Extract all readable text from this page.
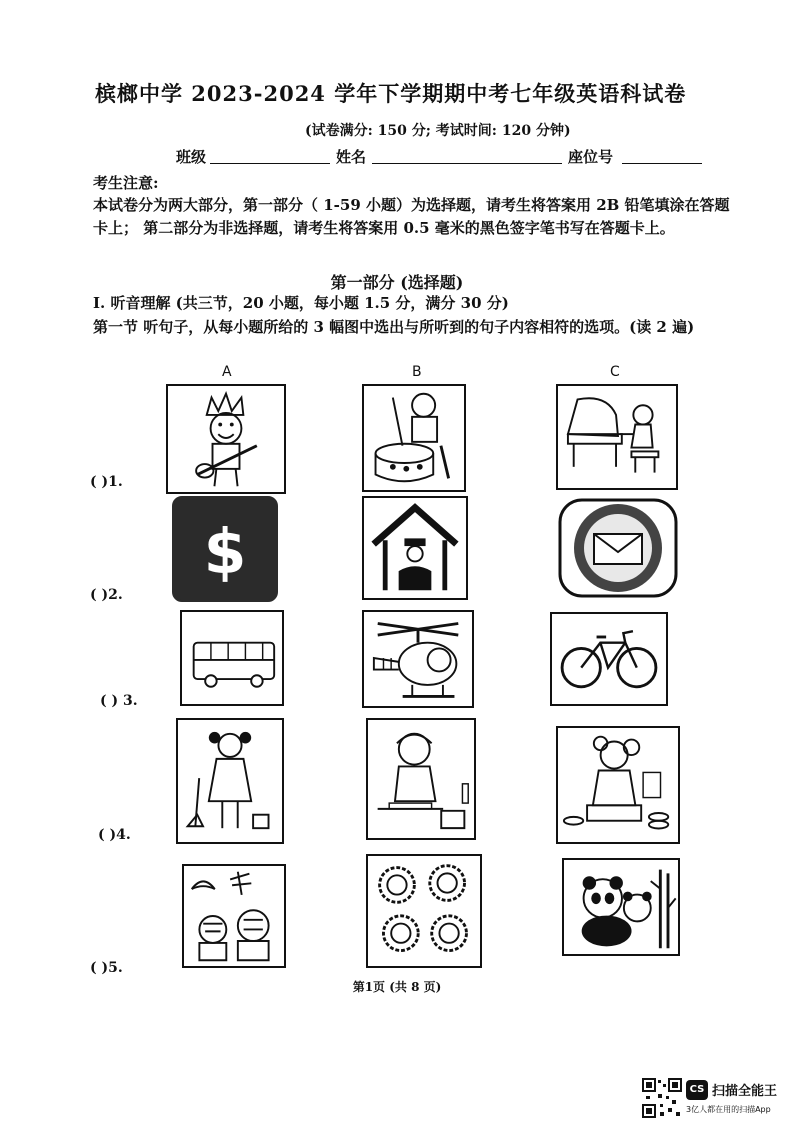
槟榔中学 2023-2024 学年下学期期中考七年级英语科试卷
(试卷满分: 150 分; 考试时间: 120 分钟)
班级	姓名	座位号
考生注意:
本试卷分为两大部分，第一部分（ 1-59 小题）为选择题，请考生将答案用 2B 铅笔填涂在答题卡上； 第二部分为非选择题，请考生将答案用 0.5 毫米的黑色签字笔书写在答题卡上。
第一部分 (选择题)
I. 听音理解 (共三节，20 小题，每小题 1.5 分，满分 30 分)
第一节 听句子，从每小题所给的 3 幅图中选出与所听到的句子内容相符的选项。(读 2 遍)
A	B	C
( )1.
( )2.
( ) 3.
( )4.
( )5.
$
第1页 (共 8 页)
CS 扫描全能王
3亿人都在用的扫描App
